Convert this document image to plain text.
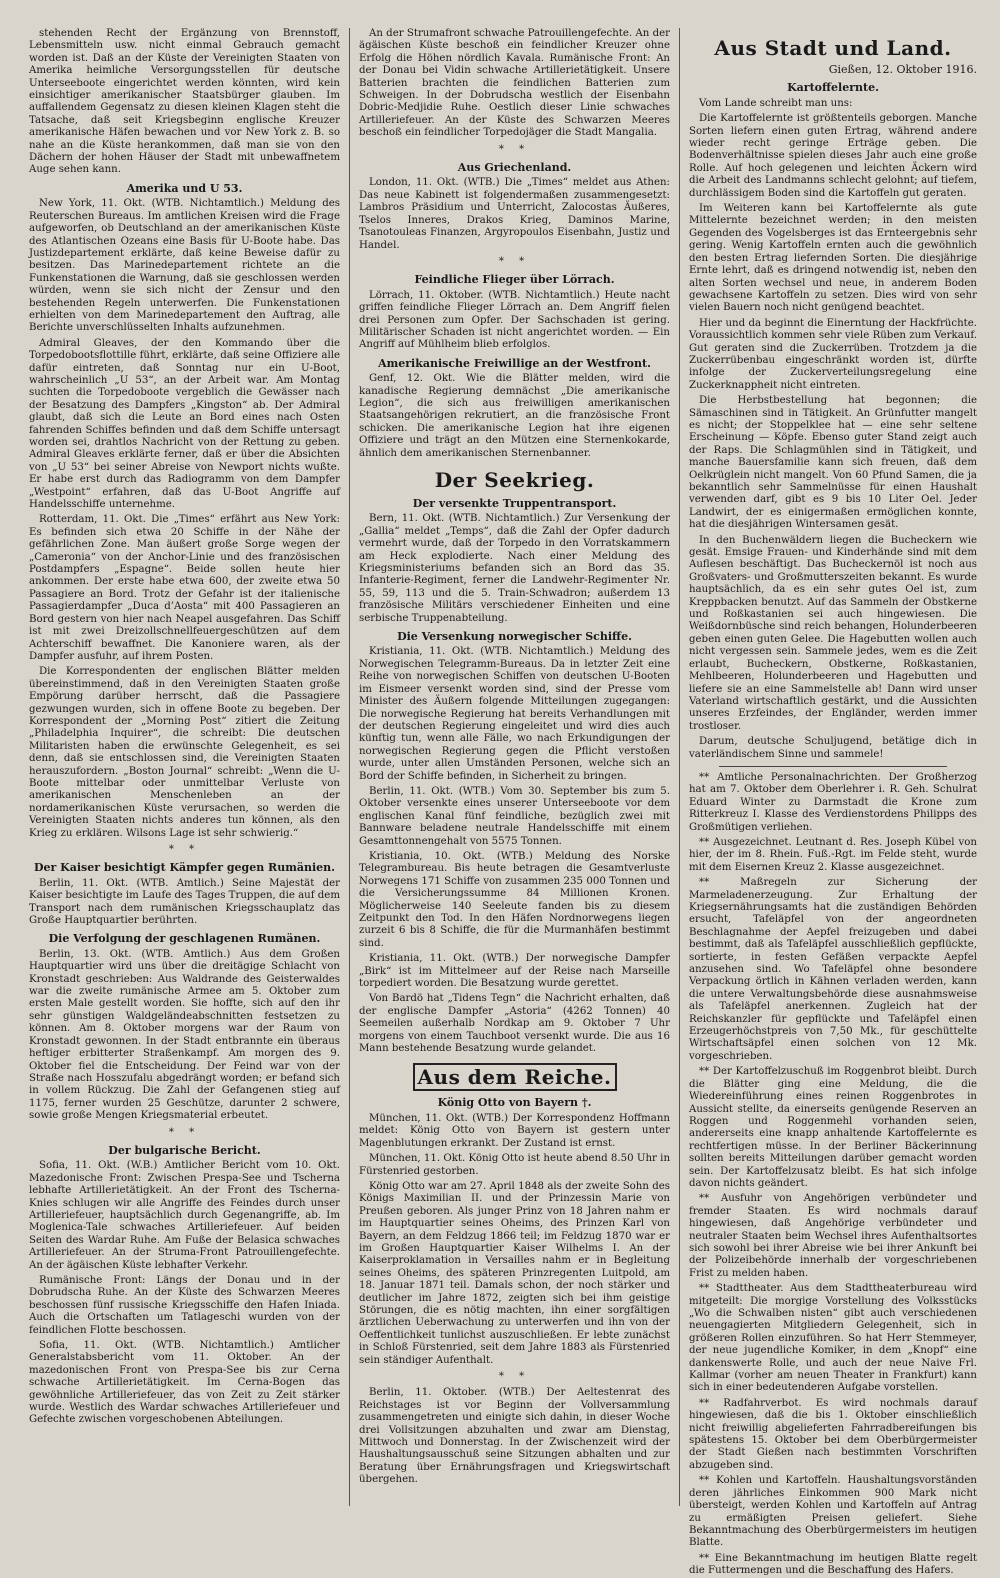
stehenden Recht der Ergänzung von Brennstoff, Lebensmitteln usw. nicht einmal Gebrauch gemacht worden ist. Daß an der Küste der Vereinigten Staaten von Amerika heimliche Versorgungsstellen für deutsche Unterseeboote eingerichtet werden könnten, wird kein einsichtiger amerikanischer Staatsbürger glauben. Im auffallendem Gegensatz zu diesen kleinen Klagen steht die Tatsache, daß seit Kriegsbeginn englische Kreuzer amerikanische Häfen bewachen und vor New York z. B. so nahe an die Küste herankommen, daß man sie von den Dächern der hohen Häuser der Stadt mit unbewaffnetem Auge sehen kann.

Amerika und U 53.

New York, 11. Okt. (WTB. Nichtamtlich.) Meldung des Reuterschen Bureaus. Im amtlichen Kreisen wird die Frage aufgeworfen, ob Deutschland an der amerikanischen Küste des Atlantischen Ozeans eine Basis für U-Boote habe. Das Justizdepartement erklärte, daß keine Beweise dafür zu besitzen. Das Marinedepartement richtete an die Funkenstationen die Warnung, daß sie geschlossen werden würden, wenn sie sich nicht der Zensur und den bestehenden Regeln unterwerfen. Die Funkenstationen erhielten von dem Marinedepartement den Auftrag, alle Berichte unverschlüsselten Inhalts aufzunehmen.

Admiral Gleaves, der den Kommando über die Torpedobootsflottille führt, erklärte, daß seine Offiziere alle dafür eintreten, daß Sonntag nur ein U-Boot, wahrscheinlich „U 53“, an der Arbeit war. Am Montag suchten die Torpedoboote vergeblich die Gewässer nach der Besatzung des Dampfers „Kingston“ ab. Der Admiral glaubt, daß sich die Leute an Bord eines nach Osten fahrenden Schiffes befinden und daß dem Schiffe untersagt worden sei, drahtlos Nachricht von der Rettung zu geben. Admiral Gleaves erklärte ferner, daß er über die Absichten von „U 53“ bei seiner Abreise von Newport nichts wußte. Er habe erst durch das Radiogramm von dem Dampfer „Westpoint“ erfahren, daß das U-Boot Angriffe auf Handelsschiffe unternehme.

Rotterdam, 11. Okt. Die „Times“ erfährt aus New York: Es befinden sich etwa 20 Schiffe in der Nähe der gefährlichen Zone. Man äußert große Sorge wegen der „Cameronia“ von der Anchor-Linie und des französischen Postdampfers „Espagne“. Beide sollen heute hier ankommen. Der erste habe etwa 600, der zweite etwa 50 Passagiere an Bord. Trotz der Gefahr ist der italienische Passagierdampfer „Duca d’Aosta“ mit 400 Passagieren an Bord gestern von hier nach Neapel ausgefahren. Das Schiff ist mit zwei Dreizollschnellfeuergeschützen auf dem Achterschiff bewaffnet. Die Kanoniere waren, als der Dampfer ausfuhr, auf ihrem Posten.

Die Korrespondenten der englischen Blätter melden übereinstimmend, daß in den Vereinigten Staaten große Empörung darüber herrscht, daß die Passagiere gezwungen wurden, sich in offene Boote zu begeben. Der Korrespondent der „Morning Post“ zitiert die Zeitung „Philadelphia Inquirer“, die schreibt: Die deutschen Militaristen haben die erwünschte Gelegenheit, es sei denn, daß sie entschlossen sind, die Vereinigten Staaten herauszufordern. „Boston Journal“ schreibt: „Wenn die U-Boote mittelbar oder unmittelbar Verluste von amerikanischen Menschenleben an der nordamerikanischen Küste verursachen, so werden die Vereinigten Staaten nichts anderes tun können, als den Krieg zu erklären. Wilsons Lage ist sehr schwierig.“

* *
Der Kaiser besichtigt Kämpfer gegen Rumänien.

Berlin, 11. Okt. (WTB. Amtlich.) Seine Majestät der Kaiser besichtigte im Laufe des Tages Truppen, die auf dem Transport nach dem rumänischen Kriegsschauplatz das Große Hauptquartier berührten.

Die Verfolgung der geschlagenen Rumänen.

Berlin, 13. Okt. (WTB. Amtlich.) Aus dem Großen Hauptquartier wird uns über die dreitägige Schlacht von Kronstadt geschrieben: Aus Waldrande des Geisterwaldes war die zweite rumänische Armee am 5. Oktober zum ersten Male gestellt worden. Sie hoffte, sich auf den ihr sehr günstigen Waldgeländeabschnitten festsetzen zu können. Am 8. Oktober morgens war der Raum von Kronstadt gewonnen. In der Stadt entbrannte ein überaus heftiger erbitterter Straßenkampf. Am morgen des 9. Oktober fiel die Entscheidung. Der Feind war von der Straße nach Hosszufalu abgedrängt worden; er befand sich in vollem Rückzug. Die Zahl der Gefangenen stieg auf 1175, ferner wurden 25 Geschütze, darunter 2 schwere, sowie große Mengen Kriegsmaterial erbeutet.

* *
Der bulgarische Bericht.

Sofia, 11. Okt. (W.B.) Amtlicher Bericht vom 10. Okt. Mazedonische Front: Zwischen Prespa-See und Tscherna lebhafte Artillerietätigkeit. An der Front des Tscherna-Knies schlugen wir alle Angriffe des Feindes durch unser Artilleriefeuer, hauptsächlich durch Gegenangriffe, ab. Im Moglenica-Tale schwaches Artilleriefeuer. Auf beiden Seiten des Wardar Ruhe. Am Fuße der Belasica schwaches Artilleriefeuer. An der Struma-Front Patrouillengefechte. An der ägäischen Küste lebhafter Verkehr.

Rumänische Front: Längs der Donau und in der Dobrudscha Ruhe. An der Küste des Schwarzen Meeres beschossen fünf russische Kriegsschiffe den Hafen Iniada. Auch die Ortschaften um Tatlageschi wurden von der feindlichen Flotte beschossen.

Sofia, 11. Okt. (WTB. Nichtamtlich.) Amtlicher Generalstabsbericht vom 11. Oktober. An der mazedonischen Front von Prespa-See bis zur Cerna schwache Artillerietätigkeit. Im Cerna-Bogen das gewöhnliche Artilleriefeuer, das von Zeit zu Zeit stärker wurde. Westlich des Wardar schwaches Artilleriefeuer und Gefechte zwischen vorgeschobenen Abteilungen.

An der Strumafront schwache Patrouillengefechte. An der ägäischen Küste beschoß ein feindlicher Kreuzer ohne Erfolg die Höhen nördlich Kavala. Rumänische Front: An der Donau bei Vidin schwache Artillerietätigkeit. Unsere Batterien brachten die feindlichen Batterien zum Schweigen. In der Dobrudscha westlich der Eisenbahn Dobric-Medjidie Ruhe. Oestlich dieser Linie schwaches Artilleriefeuer. An der Küste des Schwarzen Meeres beschoß ein feindlicher Torpedojäger die Stadt Mangalia.

* *
Aus Griechenland.

London, 11. Okt. (WTB.) Die „Times“ meldet aus Athen: Das neue Kabinett ist folgendermaßen zusammengesetzt: Lambros Präsidium und Unterricht, Zalocostas Äußeres, Tselos Inneres, Drakos Krieg, Daminos Marine, Tsanotouleas Finanzen, Argyropoulos Eisenbahn, Justiz und Handel.

* *
Feindliche Flieger über Lörrach.

Lörrach, 11. Oktober. (WTB. Nichtamtlich.) Heute nacht griffen feindliche Flieger Lörrach an. Dem Angriff fielen drei Personen zum Opfer. Der Sachschaden ist gering. Militärischer Schaden ist nicht angerichtet worden. — Ein Angriff auf Mühlheim blieb erfolglos.

Amerikanische Freiwillige an der Westfront.

Genf, 12. Okt. Wie die Blätter melden, wird die kanadische Regierung demnächst „Die amerikanische Legion“, die sich aus freiwilligen amerikanischen Staatsangehörigen rekrutiert, an die französische Front schicken. Die amerikanische Legion hat ihre eigenen Offiziere und trägt an den Mützen eine Sternenkokarde, ähnlich dem amerikanischen Sternenbanner.

Der Seekrieg.
Der versenkte Truppentransport.

Bern, 11. Okt. (WTB. Nichtamtlich.) Zur Versenkung der „Gallia“ meldet „Temps“, daß die Zahl der Opfer dadurch vermehrt wurde, daß der Torpedo in den Vorratskammern am Heck explodierte. Nach einer Meldung des Kriegsministeriums befanden sich an Bord das 35. Infanterie-Regiment, ferner die Landwehr-Regimenter Nr. 55, 59, 113 und die 5. Train-Schwadron; außerdem 13 französische Militärs verschiedener Einheiten und eine serbische Truppenabteilung.

Die Versenkung norwegischer Schiffe.

Kristiania, 11. Okt. (WTB. Nichtamtlich.) Meldung des Norwegischen Telegramm-Bureaus. Da in letzter Zeit eine Reihe von norwegischen Schiffen von deutschen U-Booten im Eismeer versenkt worden sind, sind der Presse vom Minister des Äußern folgende Mitteilungen zugegangen: Die norwegische Regierung hat bereits Verhandlungen mit der deutschen Regierung eingeleitet und wird dies auch künftig tun, wenn alle Fälle, wo nach Erkundigungen der norwegischen Regierung gegen die Pflicht verstoßen wurde, unter allen Umständen Personen, welche sich an Bord der Schiffe befinden, in Sicherheit zu bringen.

Berlin, 11. Okt. (WTB.) Vom 30. September bis zum 5. Oktober versenkte eines unserer Unterseeboote vor dem englischen Kanal fünf feindliche, bezüglich zwei mit Bannware beladene neutrale Handelsschiffe mit einem Gesamttonnengehalt von 5575 Tonnen.

Kristiania, 10. Okt. (WTB.) Meldung des Norske Telegrambureau. Bis heute betragen die Gesamtverluste Norwegens 171 Schiffe von zusammen 235 000 Tonnen und die Versicherungssumme 84 Millionen Kronen. Möglicherweise 140 Seeleute fanden bis zu diesem Zeitpunkt den Tod. In den Häfen Nordnorwegens liegen zurzeit 6 bis 8 Schiffe, die für die Murmanhäfen bestimmt sind.

Kristiania, 11. Okt. (WTB.) Der norwegische Dampfer „Birk“ ist im Mittelmeer auf der Reise nach Marseille torpediert worden. Die Besatzung wurde gerettet.

Von Bardö hat „Tidens Tegn“ die Nachricht erhalten, daß der englische Dampfer „Astoria“ (4262 Tonnen) 40 Seemeilen außerhalb Nordkap am 9. Oktober 7 Uhr morgens von einem Tauchboot versenkt wurde. Die aus 16 Mann bestehende Besatzung wurde gelandet.

Aus dem Reiche.
König Otto von Bayern †.

München, 11. Okt. (WTB.) Der Korrespondenz Hoffmann meldet: König Otto von Bayern ist gestern unter Magenblutungen erkrankt. Der Zustand ist ernst.

München, 11. Okt. König Otto ist heute abend 8.50 Uhr in Fürstenried gestorben.

König Otto war am 27. April 1848 als der zweite Sohn des Königs Maximilian II. und der Prinzessin Marie von Preußen geboren. Als junger Prinz von 18 Jahren nahm er im Hauptquartier seines Oheims, des Prinzen Karl von Bayern, an dem Feldzug 1866 teil; im Feldzug 1870 war er im Großen Hauptquartier Kaiser Wilhelms I. An der Kaiserproklamation in Versailles nahm er in Begleitung seines Oheims, des späteren Prinzregenten Luitpold, am 18. Januar 1871 teil. Damals schon, der noch stärker und deutlicher im Jahre 1872, zeigten sich bei ihm geistige Störungen, die es nötig machten, ihn einer sorgfältigen ärztlichen Ueberwachung zu unterwerfen und ihn von der Oeffentlichkeit tunlichst auszuschließen. Er lebte zunächst in Schloß Fürstenried, seit dem Jahre 1883 als Fürstenried sein ständiger Aufenthalt.

* *

Berlin, 11. Oktober. (WTB.) Der Aeltestenrat des Reichstages ist vor Beginn der Vollversammlung zusammengetreten und einigte sich dahin, in dieser Woche drei Vollsitzungen abzuhalten und zwar am Dienstag, Mittwoch und Donnerstag. In der Zwischenzeit wird der Haushaltungsausschuß seine Sitzungen abhalten und zur Beratung über Ernährungsfragen und Kriegswirtschaft übergehen.

Aus Stadt und Land.
Gießen, 12. Oktober 1916.
Kartoffelernte.

Vom Lande schreibt man uns:

Die Kartoffelernte ist größtenteils geborgen. Manche Sorten liefern einen guten Ertrag, während andere wieder recht geringe Erträge geben. Die Bodenverhältnisse spielen dieses Jahr auch eine große Rolle. Auf hoch gelegenen und leichten Äckern wird die Arbeit des Landmanns schlecht gelohnt; auf tiefem, durchlässigem Boden sind die Kartoffeln gut geraten.

Im Weiteren kann bei Kartoffelernte als gute Mittelernte bezeichnet werden; in den meisten Gegenden des Vogelsberges ist das Ernteergebnis sehr gering. Wenig Kartoffeln ernten auch die gewöhnlich den besten Ertrag liefernden Sorten. Die diesjährige Ernte lehrt, daß es dringend notwendig ist, neben den alten Sorten wechsel und neue, in anderem Boden gewachsene Kartoffeln zu setzen. Dies wird von sehr vielen Bauern noch nicht genügend beachtet.

Hier und da beginnt die Einerntung der Hackfrüchte. Voraussichtlich kommen sehr viele Rüben zum Verkauf. Gut geraten sind die Zuckerrüben. Trotzdem ja die Zuckerrübenbau eingeschränkt worden ist, dürfte infolge der Zuckerverteilungsregelung eine Zuckerknappheit nicht eintreten.

Die Herbstbestellung hat begonnen; die Sämaschinen sind in Tätigkeit. An Grünfutter mangelt es nicht; der Stoppelklee hat — eine sehr seltene Erscheinung — Köpfe. Ebenso guter Stand zeigt auch der Raps. Die Schlagmühlen sind in Tätigkeit, und manche Bauersfamilie kann sich freuen, daß dem Oelkrüglein nicht mangelt. Von 60 Pfund Samen, die ja bekanntlich sehr Sammelnüsse für einen Haushalt verwenden darf, gibt es 9 bis 10 Liter Oel. Jeder Landwirt, der es einigermaßen ermöglichen konnte, hat die diesjährigen Wintersamen gesät.

In den Buchenwäldern liegen die Bucheckern wie gesät. Emsige Frauen- und Kinderhände sind mit dem Auflesen beschäftigt. Das Bucheckernöl ist noch aus Großvaters- und Großmutterszeiten bekannt. Es wurde hauptsächlich, da es ein sehr gutes Oel ist, zum Kreppbacken benutzt. Auf das Sammeln der Obstkerne und Roßkastanien sei auch hingewiesen. Die Weißdornbüsche sind reich behangen, Holunderbeeren geben einen guten Gelee. Die Hagebutten wollen auch nicht vergessen sein. Sammele jedes, wem es die Zeit erlaubt, Bucheckern, Obstkerne, Roßkastanien, Mehlbeeren, Holunderbeeren und Hagebutten und liefere sie an eine Sammelstelle ab! Dann wird unser Vaterland wirtschaftlich gestärkt, und die Aussichten unseres Erzfeindes, der Engländer, werden immer trostloser.

Darum, deutsche Schuljugend, betätige dich in vaterländischem Sinne und sammele!

** Amtliche Personalnachrichten. Der Großherzog hat am 7. Oktober dem Oberlehrer i. R. Geh. Schulrat Eduard Winter zu Darmstadt die Krone zum Ritterkreuz I. Klasse des Verdienstordens Philipps des Großmütigen verliehen.

** Ausgezeichnet. Leutnant d. Res. Joseph Kübel von hier, der im 8. Rhein. Fuß.-Rgt. im Felde steht, wurde mit dem Eisernen Kreuz 2. Klasse ausgezeichnet.

** Maßregeln zur Sicherung der Marmeladenerzeugung. Zur Erhaltung der Kriegsernährungsamts hat die zuständigen Behörden ersucht, Tafeläpfel von der angeordneten Beschlagnahme der Aepfel freizugeben und dabei bestimmt, daß als Tafeläpfel ausschließlich gepflückte, sortierte, in festen Gefäßen verpackte Aepfel anzusehen sind. Wo Tafeläpfel ohne besondere Verpackung örtlich in Kähnen verladen werden, kann die untere Verwaltungsbehörde diese ausnahmsweise als Tafeläpfel anerkennen. Zugleich hat der Reichskanzler für gepflückte und Tafeläpfel einen Erzeugerhöchstpreis von 7,50 Mk., für geschüttelte Wirtschaftsäpfel einen solchen von 12 Mk. vorgeschrieben.

** Der Kartoffelzuschuß im Roggenbrot bleibt. Durch die Blätter ging eine Meldung, die die Wiedereinführung eines reinen Roggenbrotes in Aussicht stellte, da einerseits genügende Reserven an Roggen und Roggenmehl vorhanden seien, andererseits eine knapp anhaltende Kartoffelernte es rechtfertigen müsse. In der Berliner Bäckerinnung sollten bereits Mitteilungen darüber gemacht worden sein. Der Kartoffelzusatz bleibt. Es hat sich infolge davon nichts geändert.

** Ausfuhr von Angehörigen verbündeter und fremder Staaten. Es wird nochmals darauf hingewiesen, daß Angehörige verbündeter und neutraler Staaten beim Wechsel ihres Aufenthaltsortes sich sowohl bei ihrer Abreise wie bei ihrer Ankunft bei der Polizeibehörde innerhalb der vorgeschriebenen Frist zu melden haben.

** Stadttheater. Aus dem Stadttheaterbureau wird mitgeteilt: Die morgige Vorstellung des Volksstücks „Wo die Schwalben nisten“ gibt auch verschiedenen neuengagierten Mitgliedern Gelegenheit, sich in größeren Rollen einzuführen. So hat Herr Stemmeyer, der neue jugendliche Komiker, in dem „Knopf“ eine dankenswerte Rolle, und auch der neue Naive Frl. Kallmar (vorher am neuen Theater in Frankfurt) kann sich in einer bedeutenderen Aufgabe vorstellen.

** Radfahrverbot. Es wird nochmals darauf hingewiesen, daß die bis 1. Oktober einschließlich nicht freiwillig abgelieferten Fahrradbereifungen bis spätestens 15. Oktober bei dem Oberbürgermeister der Stadt Gießen nach bestimmten Vorschriften abzugeben sind.

** Kohlen und Kartoffeln. Haushaltungsvorständen deren jährliches Einkommen 900 Mark nicht übersteigt, werden Kohlen und Kartoffeln auf Antrag zu ermäßigten Preisen geliefert. Siehe Bekanntmachung des Oberbürgermeisters im heutigen Blatte.

** Eine Bekanntmachung im heutigen Blatte regelt die Futtermengen und die Beschaffung des Hafers.
